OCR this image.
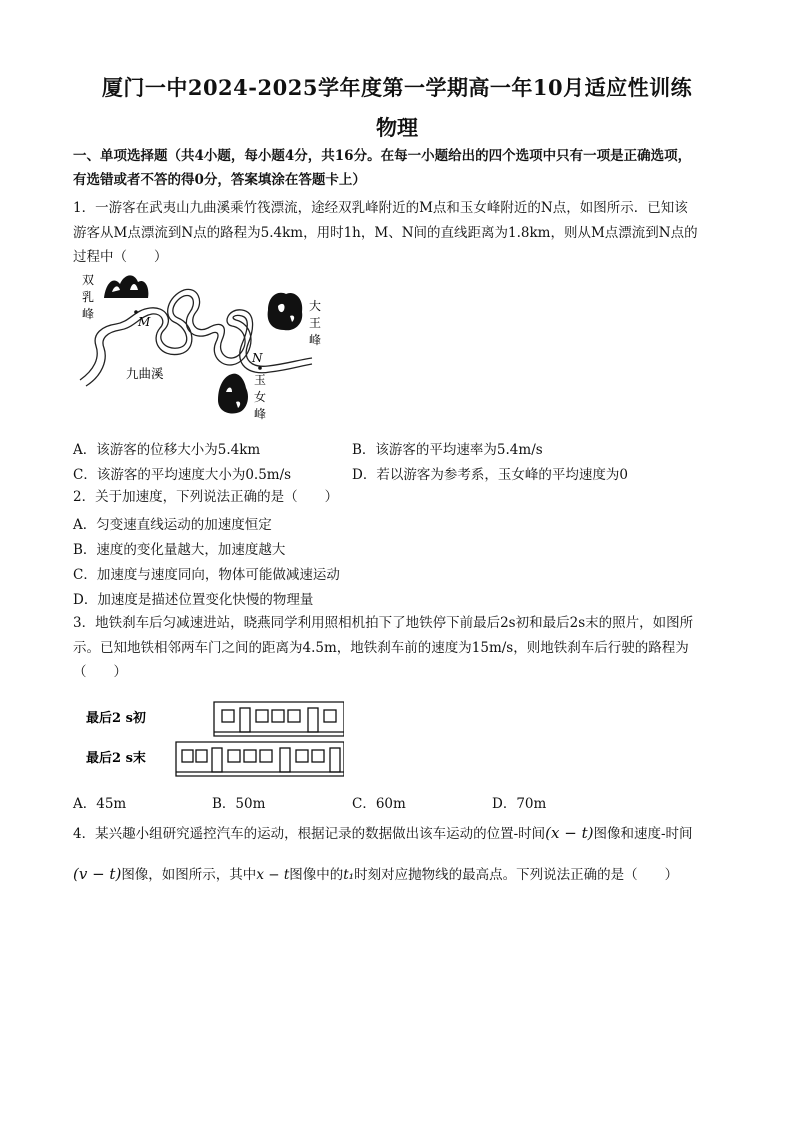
厦门一中2024-2025学年度第一学期高一年10月适应性训练
物理
一、单项选择题（共4小题，每小题4分，共16分。在每一小题给出的四个选项中只有一项是正确选项，
有选错或者不答的得0分，答案填涂在答题卡上）
1．一游客在武夷山九曲溪乘竹筏漂流，途经双乳峰附近的M点和玉女峰附近的N点，如图所示．已知该
游客从M点漂流到N点的路程为5.4km，用时1h，M、N间的直线距离为1.8km，则从M点漂流到N点的
过程中（　　）
双
乳
峰
大
王
峰
玉
女
峰
九曲溪
M
N
A．该游客的位移大小为5.4km	B．该游客的平均速率为5.4m/s
C．该游客的平均速度大小为0.5m/s	D．若以游客为参考系，玉女峰的平均速度为0
2．关于加速度，下列说法正确的是（　　）
A．匀变速直线运动的加速度恒定
B．速度的变化量越大，加速度越大
C．加速度与速度同向，物体可能做减速运动
D．加速度是描述位置变化快慢的物理量
3．地铁刹车后匀减速进站，晓燕同学利用照相机拍下了地铁停下前最后2s初和最后2s末的照片，如图所
示。已知地铁相邻两车门之间的距离为4.5m，地铁刹车前的速度为15m/s，则地铁刹车后行驶的路程为
（　　）
最后2 s初
最后2 s末
A．45m	B．50m	C．60m	D．70m
4．某兴趣小组研究遥控汽车的运动，根据记录的数据做出该车运动的位置-时间(x − t)图像和速度-时间
(v − t)图像，如图所示，其中x − t图像中的t₁时刻对应抛物线的最高点。下列说法正确的是（　　）
